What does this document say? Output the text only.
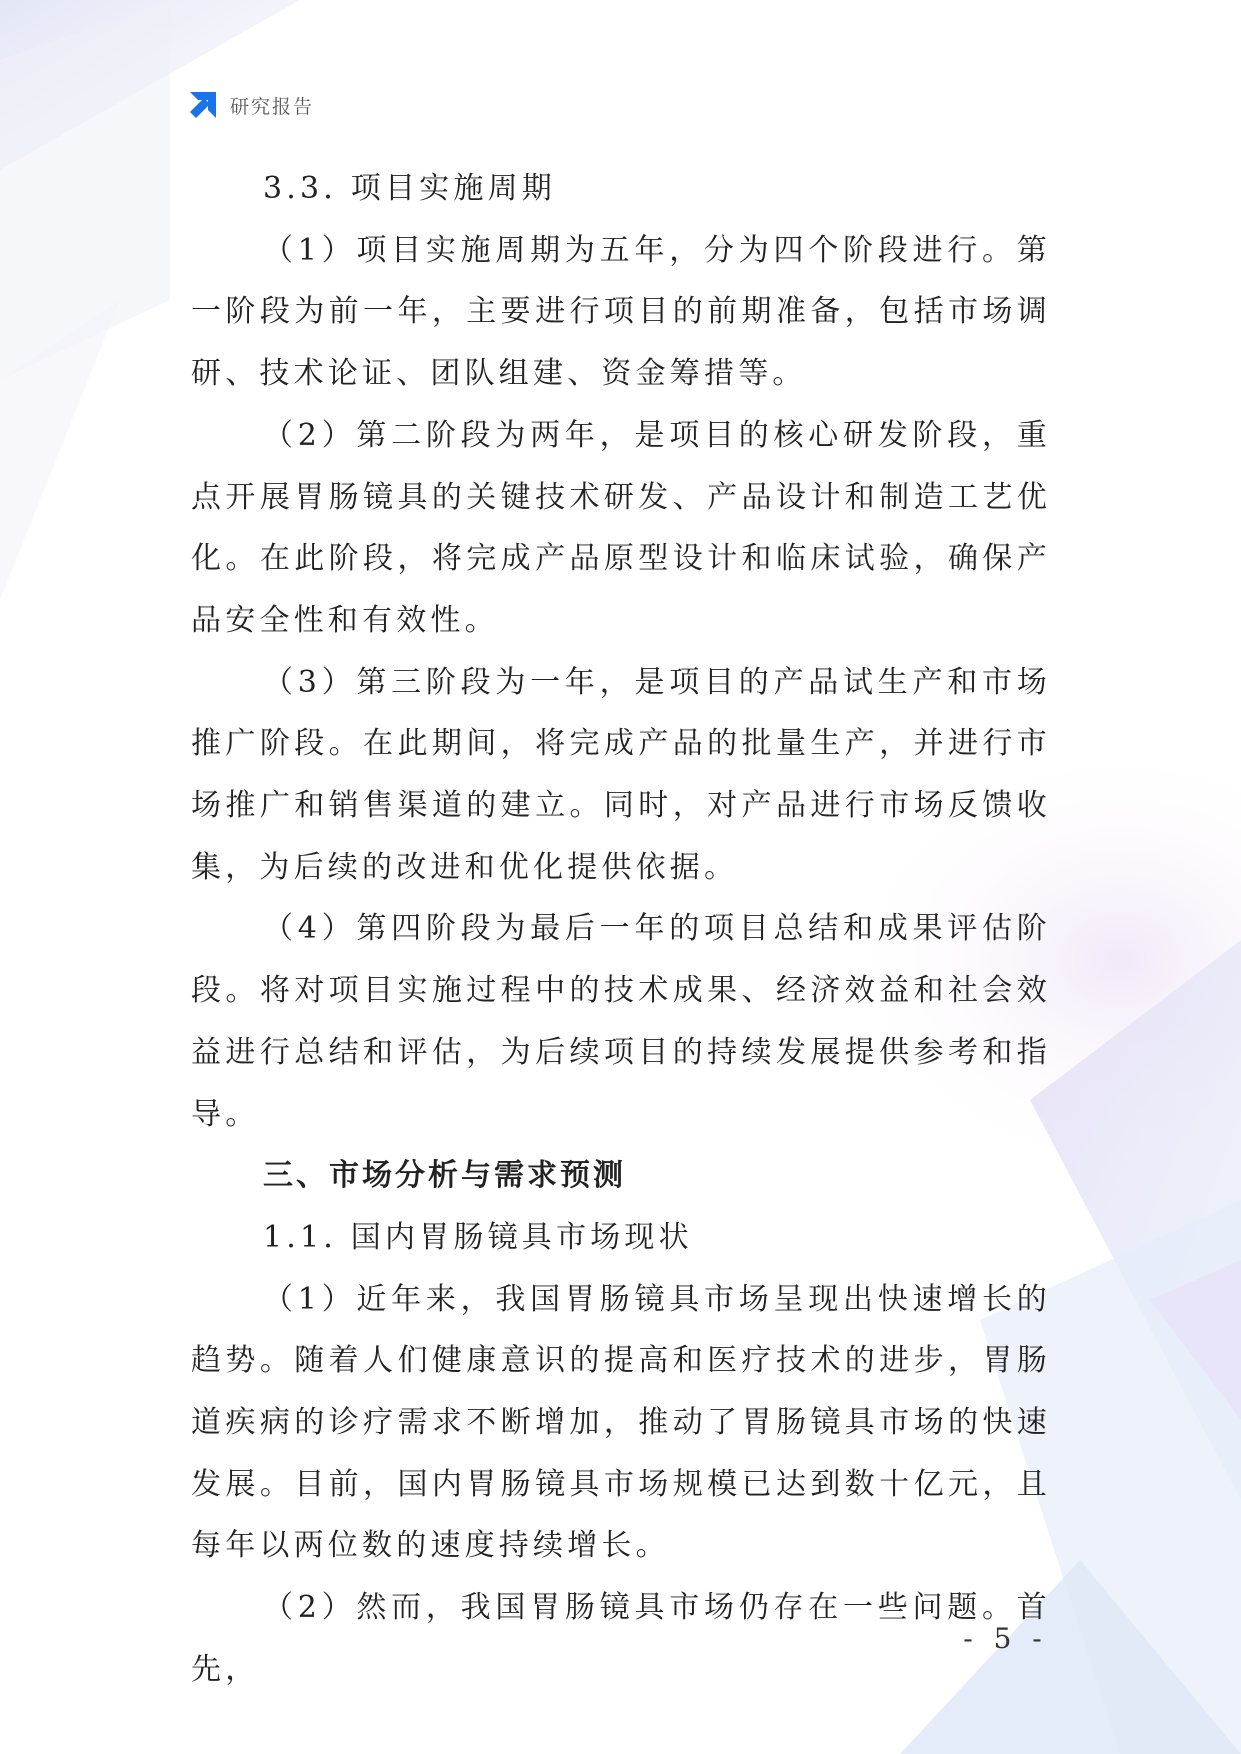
研究报告

3.3. 项目实施周期

（1）项目实施周期为五年，分为四个阶段进行。第一阶段为前一年，主要进行项目的前期准备，包括市场调研、技术论证、团队组建、资金筹措等。

（2）第二阶段为两年，是项目的核心研发阶段，重点开展胃肠镜具的关键技术研发、产品设计和制造工艺优化。在此阶段，将完成产品原型设计和临床试验，确保产品安全性和有效性。

（3）第三阶段为一年，是项目的产品试生产和市场推广阶段。在此期间，将完成产品的批量生产，并进行市场推广和销售渠道的建立。同时，对产品进行市场反馈收集，为后续的改进和优化提供依据。

（4）第四阶段为最后一年的项目总结和成果评估阶段。将对项目实施过程中的技术成果、经济效益和社会效益进行总结和评估，为后续项目的持续发展提供参考和指导。

三、市场分析与需求预测

1.1. 国内胃肠镜具市场现状

（1）近年来，我国胃肠镜具市场呈现出快速增长的趋势。随着人们健康意识的提高和医疗技术的进步，胃肠道疾病的诊疗需求不断增加，推动了胃肠镜具市场的快速发展。目前，国内胃肠镜具市场规模已达到数十亿元，且每年以两位数的速度持续增长。

（2）然而，我国胃肠镜具市场仍存在一些问题。首先，

- 5 -
